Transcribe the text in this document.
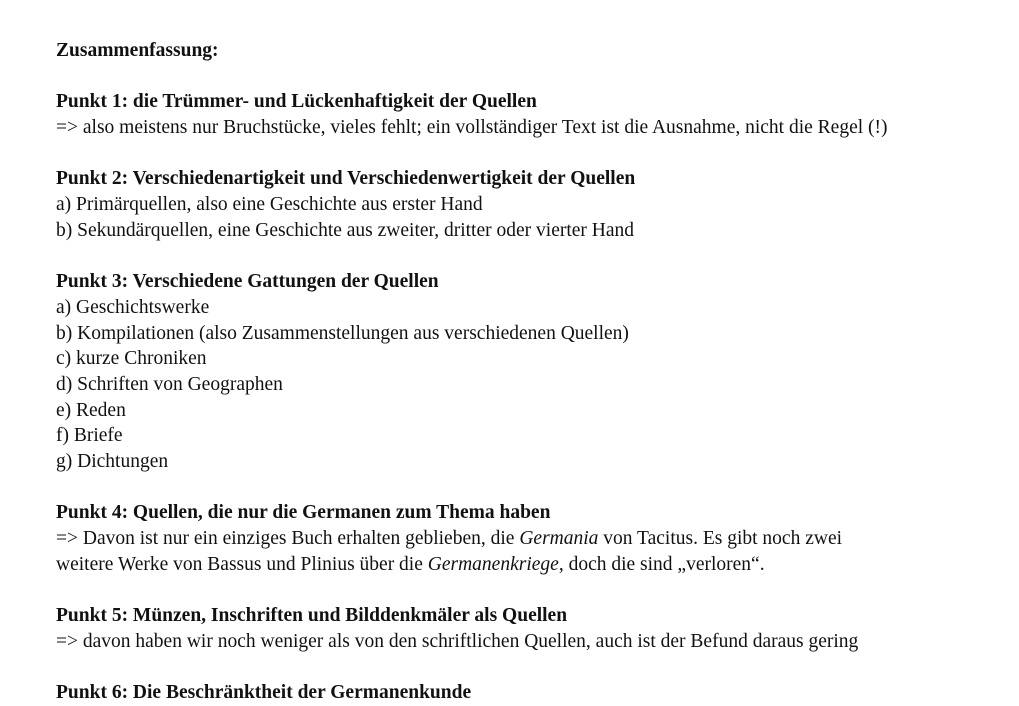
Zusammenfassung:
Punkt 1: die Trümmer- und Lückenhaftigkeit der Quellen
=> also meistens nur Bruchstücke, vieles fehlt; ein vollständiger Text ist die Ausnahme, nicht die Regel (!)
Punkt 2: Verschiedenartigkeit und Verschiedenwertigkeit der Quellen
a) Primärquellen, also eine Geschichte aus erster Hand
b) Sekundärquellen, eine Geschichte aus zweiter, dritter oder vierter Hand
Punkt 3: Verschiedene Gattungen der Quellen
a) Geschichtswerke
b) Kompilationen (also Zusammenstellungen aus verschiedenen Quellen)
c) kurze Chroniken
d) Schriften von Geographen
e) Reden
f) Briefe
g) Dichtungen
Punkt 4: Quellen, die nur die Germanen zum Thema haben
=> Davon ist nur ein einziges Buch erhalten geblieben, die Germania von Tacitus. Es gibt noch zwei
weitere Werke von Bassus und Plinius über die Germanenkriege, doch die sind „verloren“.
Punkt 5: Münzen, Inschriften und Bilddenkmäler als Quellen
=> davon haben wir noch weniger als von den schriftlichen Quellen, auch ist der Befund daraus gering
Punkt 6: Die Beschränktheit der Germanenkunde
